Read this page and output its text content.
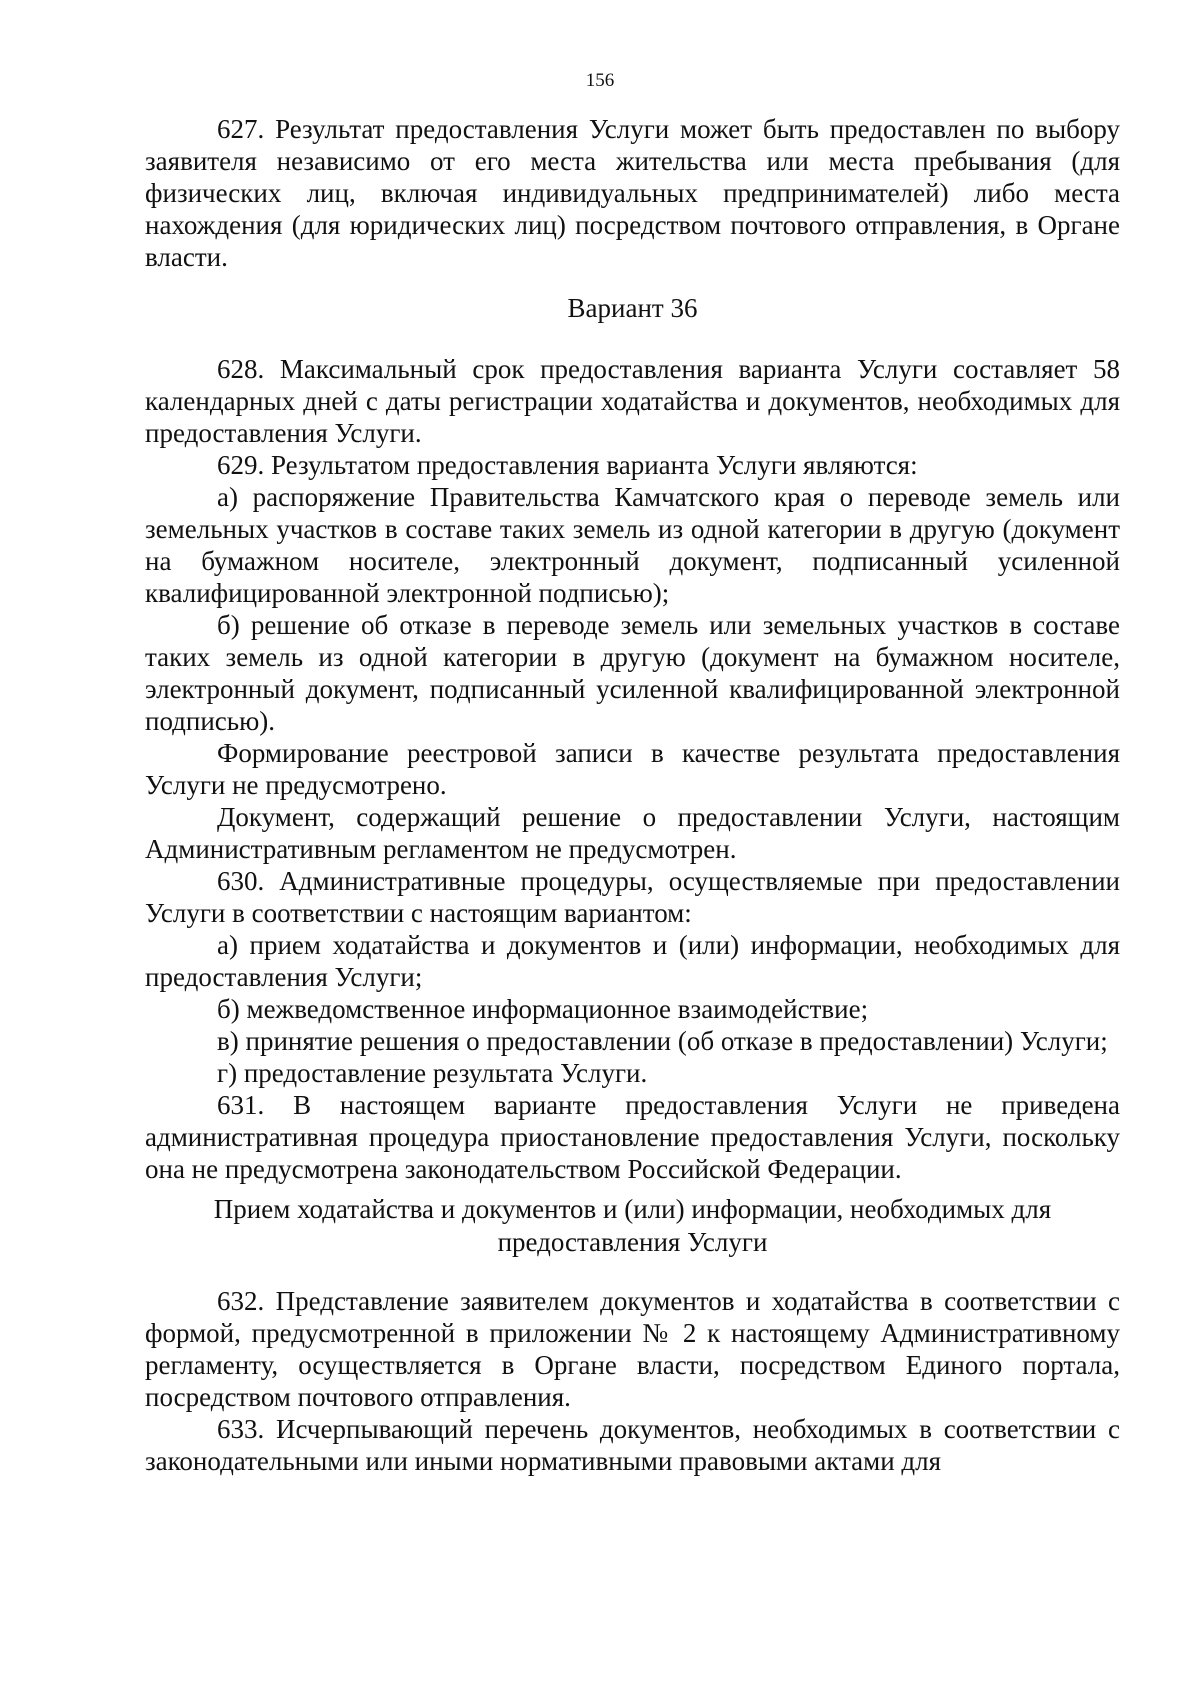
156

627. Результат предоставления Услуги может быть предоставлен по выбору заявителя независимо от его места жительства или места пребывания (для физических лиц, включая индивидуальных предпринимателей) либо места нахождения (для юридических лиц) посредством почтового отправления, в Органе власти.

Вариант 36

628. Максимальный срок предоставления варианта Услуги составляет 58 календарных дней с даты регистрации ходатайства и документов, необходимых для предоставления Услуги.

629. Результатом предоставления варианта Услуги являются:

а) распоряжение Правительства Камчатского края о переводе земель или земельных участков в составе таких земель из одной категории в другую (документ на бумажном носителе, электронный документ, подписанный усиленной квалифицированной электронной подписью);

б) решение об отказе в переводе земель или земельных участков в составе таких земель из одной категории в другую (документ на бумажном носителе, электронный документ, подписанный усиленной квалифицированной электронной подписью).

Формирование реестровой записи в качестве результата предоставления Услуги не предусмотрено.

Документ, содержащий решение о предоставлении Услуги, настоящим Административным регламентом не предусмотрен.

630. Административные процедуры, осуществляемые при предоставлении Услуги в соответствии с настоящим вариантом:

а) прием ходатайства и документов и (или) информации, необходимых для предоставления Услуги;

б) межведомственное информационное взаимодействие;

в) принятие решения о предоставлении (об отказе в предоставлении) Услуги;

г) предоставление результата Услуги.

631. В настоящем варианте предоставления Услуги не приведена административная процедура приостановление предоставления Услуги, поскольку она не предусмотрена законодательством Российской Федерации.

Прием ходатайства и документов и (или) информации, необходимых для
предоставления Услуги

632. Представление заявителем документов и ходатайства в соответствии с формой, предусмотренной в приложении № 2 к настоящему Административному регламенту, осуществляется в Органе власти, посредством Единого портала, посредством почтового отправления.

633. Исчерпывающий перечень документов, необходимых в соответствии с законодательными или иными нормативными правовыми актами для
